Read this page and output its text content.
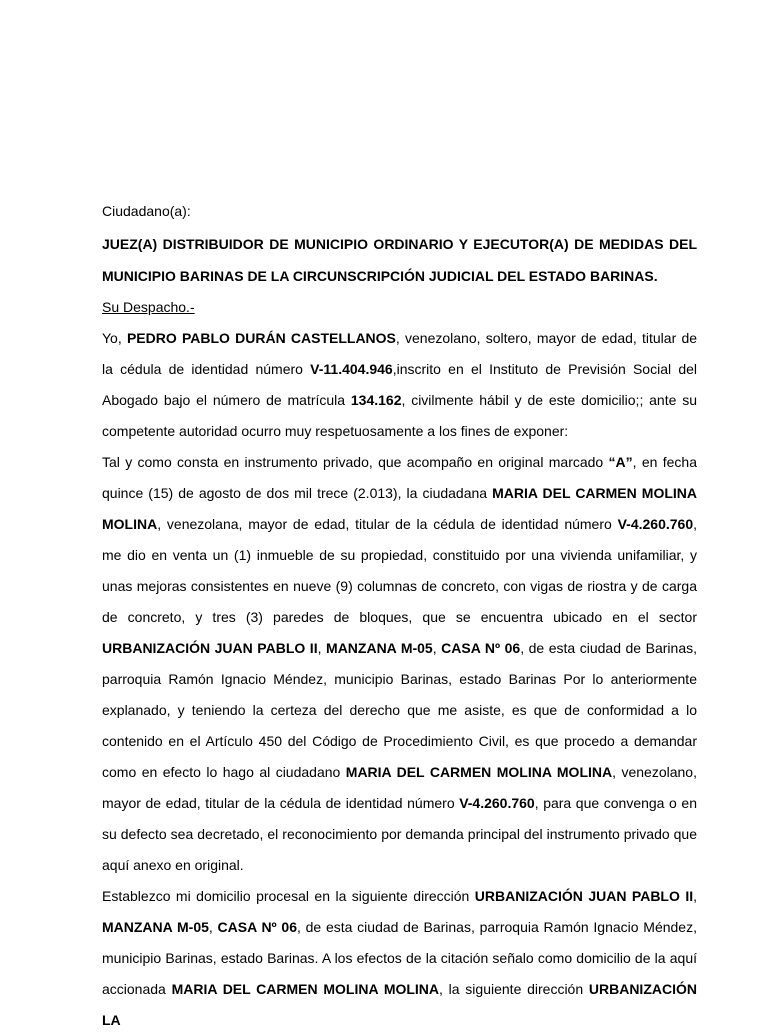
Ciudadano(a):

JUEZ(A) DISTRIBUIDOR DE MUNICIPIO ORDINARIO Y EJECUTOR(A) DE MEDIDAS DEL MUNICIPIO BARINAS DE LA CIRCUNSCRIPCIÓN JUDICIAL DEL ESTADO BARINAS.

Su Despacho.-

Yo, PEDRO PABLO DURÁN CASTELLANOS, venezolano, soltero, mayor de edad, titular de la cédula de identidad número V-11.404.946,inscrito en el Instituto de Previsión Social del Abogado bajo el número de matrícula 134.162, civilmente hábil y de este domicilio;; ante su competente autoridad ocurro muy respetuosamente a los fines de exponer:

Tal y como consta en instrumento privado, que acompaño en original marcado “A”, en fecha quince (15) de agosto de dos mil trece (2.013), la ciudadana MARIA DEL CARMEN MOLINA MOLINA, venezolana, mayor de edad, titular de la cédula de identidad número V-4.260.760, me dio en venta un (1) inmueble de su propiedad, constituido por una vivienda unifamiliar, y unas mejoras consistentes en nueve (9) columnas de concreto, con vigas de riostra y de carga de concreto, y tres (3) paredes de bloques, que se encuentra ubicado en el sector URBANIZACIÓN JUAN PABLO II, MANZANA M-05, CASA Nº 06, de esta ciudad de Barinas, parroquia Ramón Ignacio Méndez, municipio Barinas, estado Barinas Por lo anteriormente explanado, y teniendo la certeza del derecho que me asiste, es que de conformidad a lo contenido en el Artículo 450 del Código de Procedimiento Civil, es que procedo a demandar como en efecto lo hago al ciudadano MARIA DEL CARMEN MOLINA MOLINA, venezolano, mayor de edad, titular de la cédula de identidad número V-4.260.760, para que convenga o en su defecto sea decretado, el reconocimiento por demanda principal del instrumento privado que aquí anexo en original.

Establezco mi domicilio procesal en la siguiente dirección URBANIZACIÓN JUAN PABLO II, MANZANA M-05, CASA Nº 06, de esta ciudad de Barinas, parroquia Ramón Ignacio Méndez, municipio Barinas, estado Barinas. A los efectos de la citación señalo como domicilio de la aquí accionada MARIA DEL CARMEN MOLINA MOLINA, la siguiente dirección URBANIZACIÓN LA
